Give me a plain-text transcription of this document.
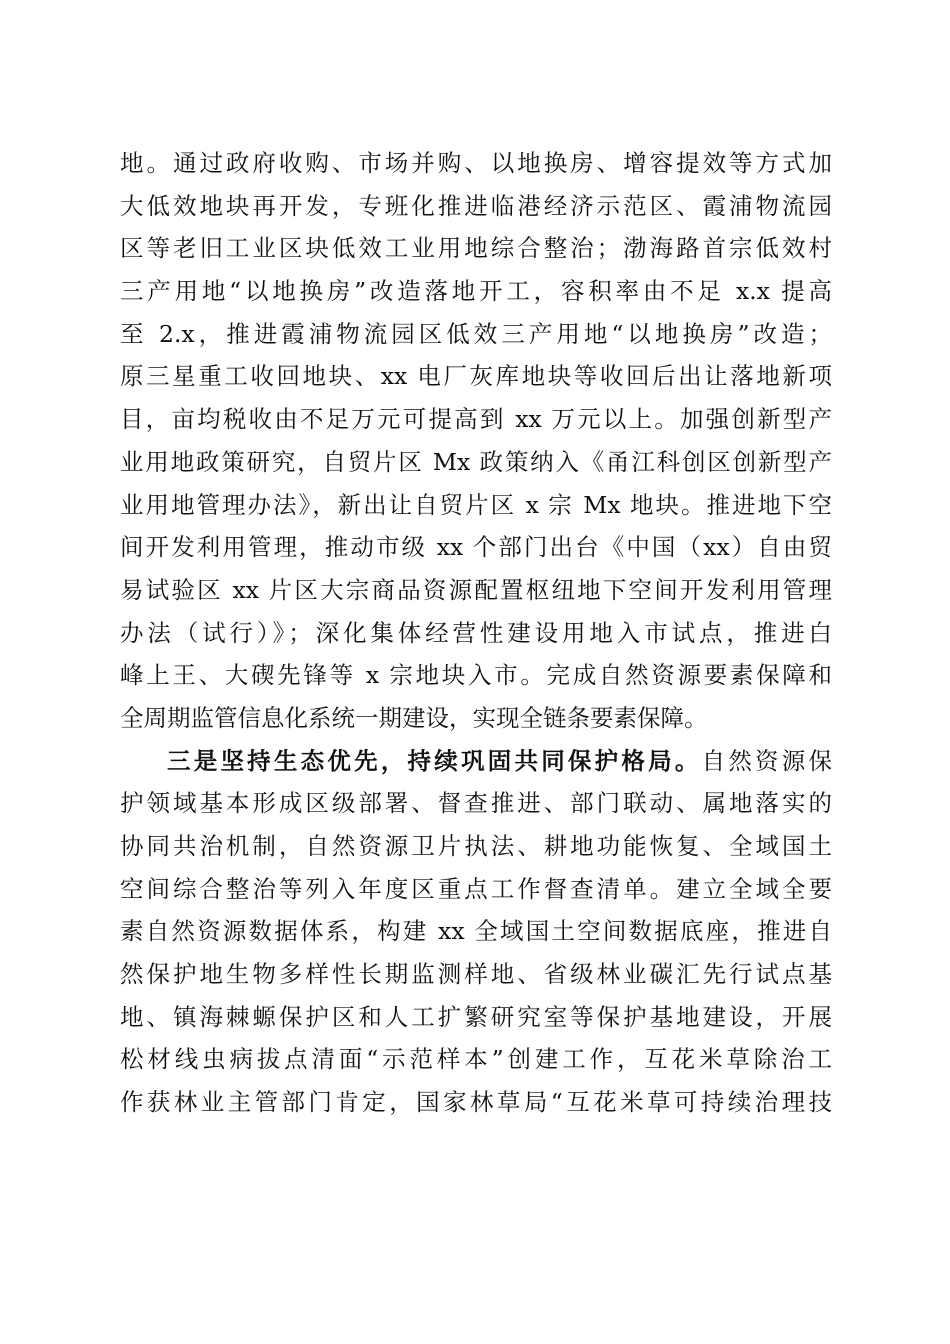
地。通过政府收购、市场并购、以地换房、增容提效等方式加
大低效地块再开发，专班化推进临港经济示范区、霞浦物流园
区等老旧工业区块低效工业用地综合整治；渤海路首宗低效村
三产用地“以地换房”改造落地开工，容积率由不足 x.x 提高
至 2.x，推进霞浦物流园区低效三产用地“以地换房”改造；
原三星重工收回地块、xx 电厂灰库地块等收回后出让落地新项
目，亩均税收由不足万元可提高到 xx 万元以上。加强创新型产
业用地政策研究，自贸片区 Mx 政策纳入《甬江科创区创新型产
业用地管理办法》，新出让自贸片区 x 宗 Mx 地块。推进地下空
间开发利用管理，推动市级 xx 个部门出台《中国（xx）自由贸
易试验区 xx 片区大宗商品资源配置枢纽地下空间开发利用管理
办法（试行）》；深化集体经营性建设用地入市试点，推进白
峰上王、大碶先锋等 x 宗地块入市。完成自然资源要素保障和
全周期监管信息化系统一期建设，实现全链条要素保障。
三是坚持生态优先，持续巩固共同保护格局。自然资源保
护领域基本形成区级部署、督查推进、部门联动、属地落实的
协同共治机制，自然资源卫片执法、耕地功能恢复、全域国土
空间综合整治等列入年度区重点工作督查清单。建立全域全要
素自然资源数据体系，构建 xx 全域国土空间数据底座，推进自
然保护地生物多样性长期监测样地、省级林业碳汇先行试点基
地、镇海棘螈保护区和人工扩繁研究室等保护基地建设，开展
松材线虫病拔点清面“示范样本”创建工作，互花米草除治工
作获林业主管部门肯定，国家林草局“互花米草可持续治理技
